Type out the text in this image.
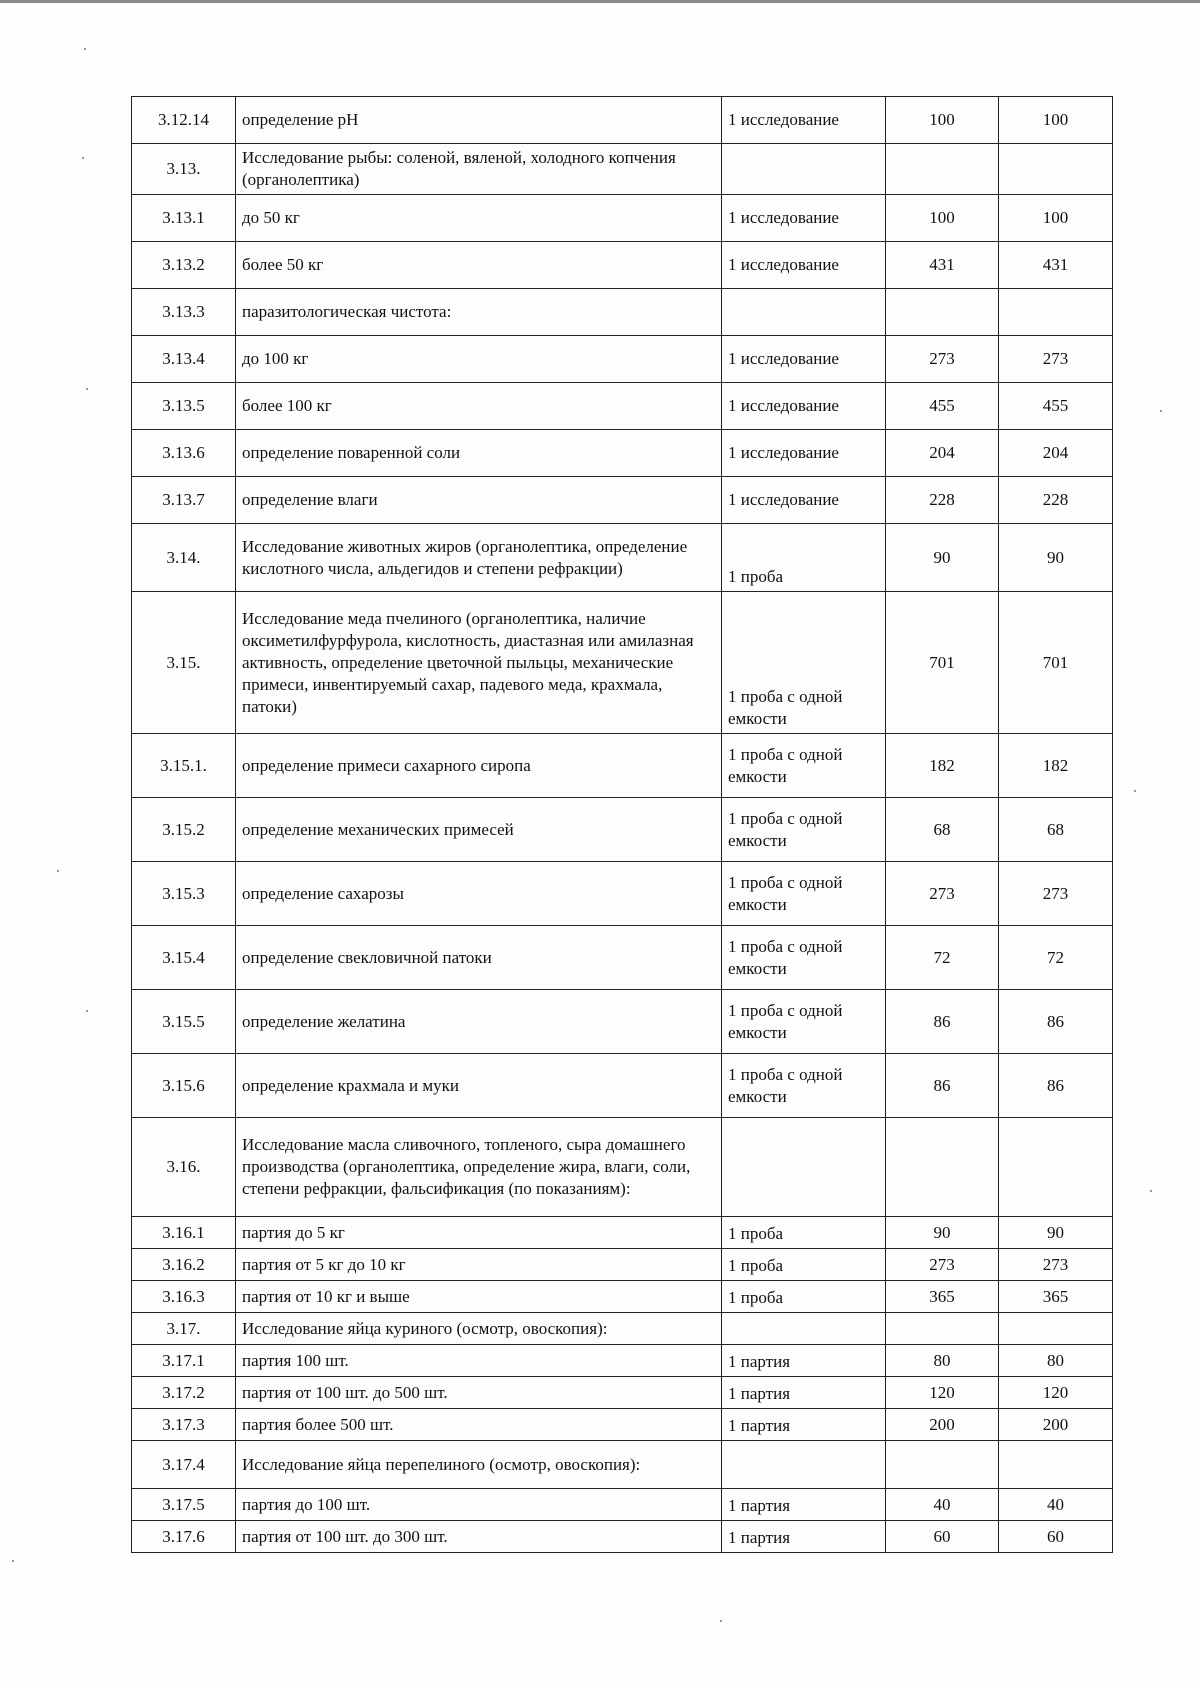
3.12.14	определение pH	1 исследование	100	100
3.13.	Исследование рыбы: соленой, вяленой, холодного копчения (органолептика)			
3.13.1	до 50 кг	1 исследование	100	100
3.13.2	более 50 кг	1 исследование	431	431
3.13.3	паразитологическая чистота:			
3.13.4	до 100 кг	1 исследование	273	273
3.13.5	более 100 кг	1 исследование	455	455
3.13.6	определение поваренной соли	1 исследование	204	204
3.13.7	определение влаги	1 исследование	228	228
3.14.	Исследование животных жиров (органолептика, определение кислотного числа, альдегидов и степени рефракции)	1 проба	90	90
3.15.	Исследование меда пчелиного (органолептика, наличие оксиметилфурфурола, кислотность, диастазная или амилазная активность, определение цветочной пыльцы, механические примеси, инвентируемый сахар, падевого меда, крахмала, патоки)	1 проба с одной емкости	701	701
3.15.1.	определение примеси сахарного сиропа	1 проба с одной емкости	182	182
3.15.2	определение механических примесей	1 проба с одной емкости	68	68
3.15.3	определение сахарозы	1 проба с одной емкости	273	273
3.15.4	определение свекловичной патоки	1 проба с одной емкости	72	72
3.15.5	определение желатина	1 проба с одной емкости	86	86
3.15.6	определение крахмала и муки	1 проба с одной емкости	86	86
3.16.	Исследование масла сливочного, топленого, сыра домашнего производства (органолептика, определение жира, влаги, соли, степени рефракции, фальсификация (по показаниям):			
3.16.1	партия до 5 кг	1 проба	90	90
3.16.2	партия от 5 кг до 10 кг	1 проба	273	273
3.16.3	партия от 10 кг и выше	1 проба	365	365
3.17.	Исследование яйца куриного (осмотр, овоскопия):			
3.17.1	партия 100 шт.	1 партия	80	80
3.17.2	партия от 100 шт. до 500 шт.	1 партия	120	120
3.17.3	партия более 500 шт.	1 партия	200	200
3.17.4	Исследование яйца перепелиного (осмотр, овоскопия):			
3.17.5	партия до 100 шт.	1 партия	40	40
3.17.6	партия от 100 шт. до 300 шт.	1 партия	60	60
